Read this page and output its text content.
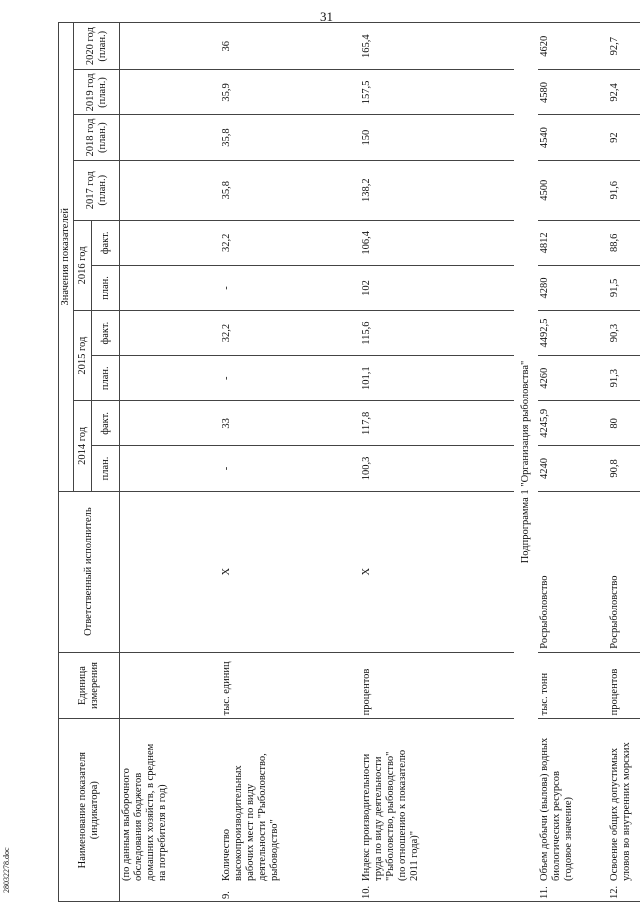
31
28032278.doc
Наименование показателя (индикатора)	Единица измерения	Ответственный исполнитель	Значения показателей									
			2014 год		2015 год		2016 год		2017 год (план.)	2018 год (план.)	2019 год (план.)	2020 год (план.)
			план.	факт.	план.	факт.	план.	факт.				

(по данным выборочного обследования бюджетов домашних хозяйств, в среднем на потребителя в год)												
9.Количество высокопроизводительных рабочих мест по виду деятельности "Рыболовство, рыбоводство"	тыс. единиц	X	-	33	-	32,2	-	32,2	35,8	35,8	35,9	36
10.Индекс производительности труда по виду деятельности "Рыболовство, рыбоводство" (по отношению к показателю 2011 года)"	процентов	X	100,3	117,8	101,1	115,6	102	106,4	138,2	150	157,5	165,4
Подпрограмма 1 "Организация рыболовства"												
11.Объем добычи (вылова) водных биологических ресурсов (годовое значение)	тыс. тонн	Росрыболовство	4240	4245,9	4260	4492,5	4280	4812	4500	4540	4580	4620
12.Освоение общих допустимых уловов во внутренних морских	процентов	Росрыболовство	90,8	80	91,3	90,3	91,5	88,6	91,6	92	92,4	92,7
